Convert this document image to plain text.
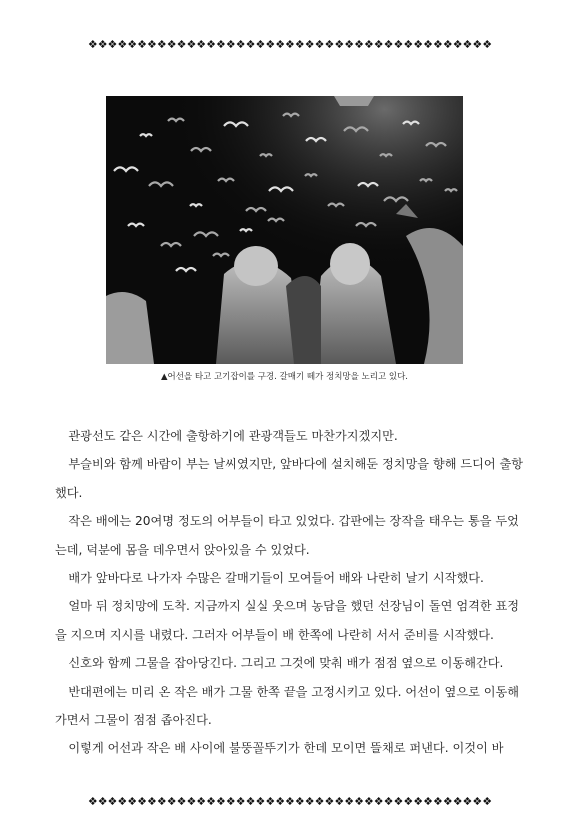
❖❖❖❖❖❖❖❖❖❖❖❖❖❖❖❖❖❖❖❖❖❖❖❖❖❖❖❖❖❖❖❖❖❖❖❖❖❖❖❖❖
▲어선을 타고 고기잡이를 구경. 갈매기 떼가 정치망을 노리고 있다.

관광선도 같은 시간에 출항하기에 관광객들도 마찬가지겠지만.

부슬비와 함께 바람이 부는 날씨였지만, 앞바다에 설치해둔 정치망을 향해 드디어 출항했다.

작은 배에는 20여명 정도의 어부들이 타고 있었다. 갑판에는 장작을 태우는 통을 두었는데, 덕분에 몸을 데우면서 앉아있을 수 있었다.

배가 앞바다로 나가자 수많은 갈매기들이 모여들어 배와 나란히 날기 시작했다.

얼마 뒤 정치망에 도착. 지금까지 실실 웃으며 농담을 했던 선장님이 돌연 엄격한 표정을 지으며 지시를 내렸다. 그러자 어부들이 배 한쪽에 나란히 서서 준비를 시작했다.

신호와 함께 그물을 잡아당긴다. 그리고 그것에 맞춰 배가 점점 옆으로 이동해간다.

반대편에는 미리 온 작은 배가 그물 한쪽 끝을 고정시키고 있다. 어선이 옆으로 이동해가면서 그물이 점점 좁아진다.

이렇게 어선과 작은 배 사이에 불뚱꼴뚜기가 한데 모이면 뜰채로 퍼낸다. 이것이 바

❖❖❖❖❖❖❖❖❖❖❖❖❖❖❖❖❖❖❖❖❖❖❖❖❖❖❖❖❖❖❖❖❖❖❖❖❖❖❖❖❖
